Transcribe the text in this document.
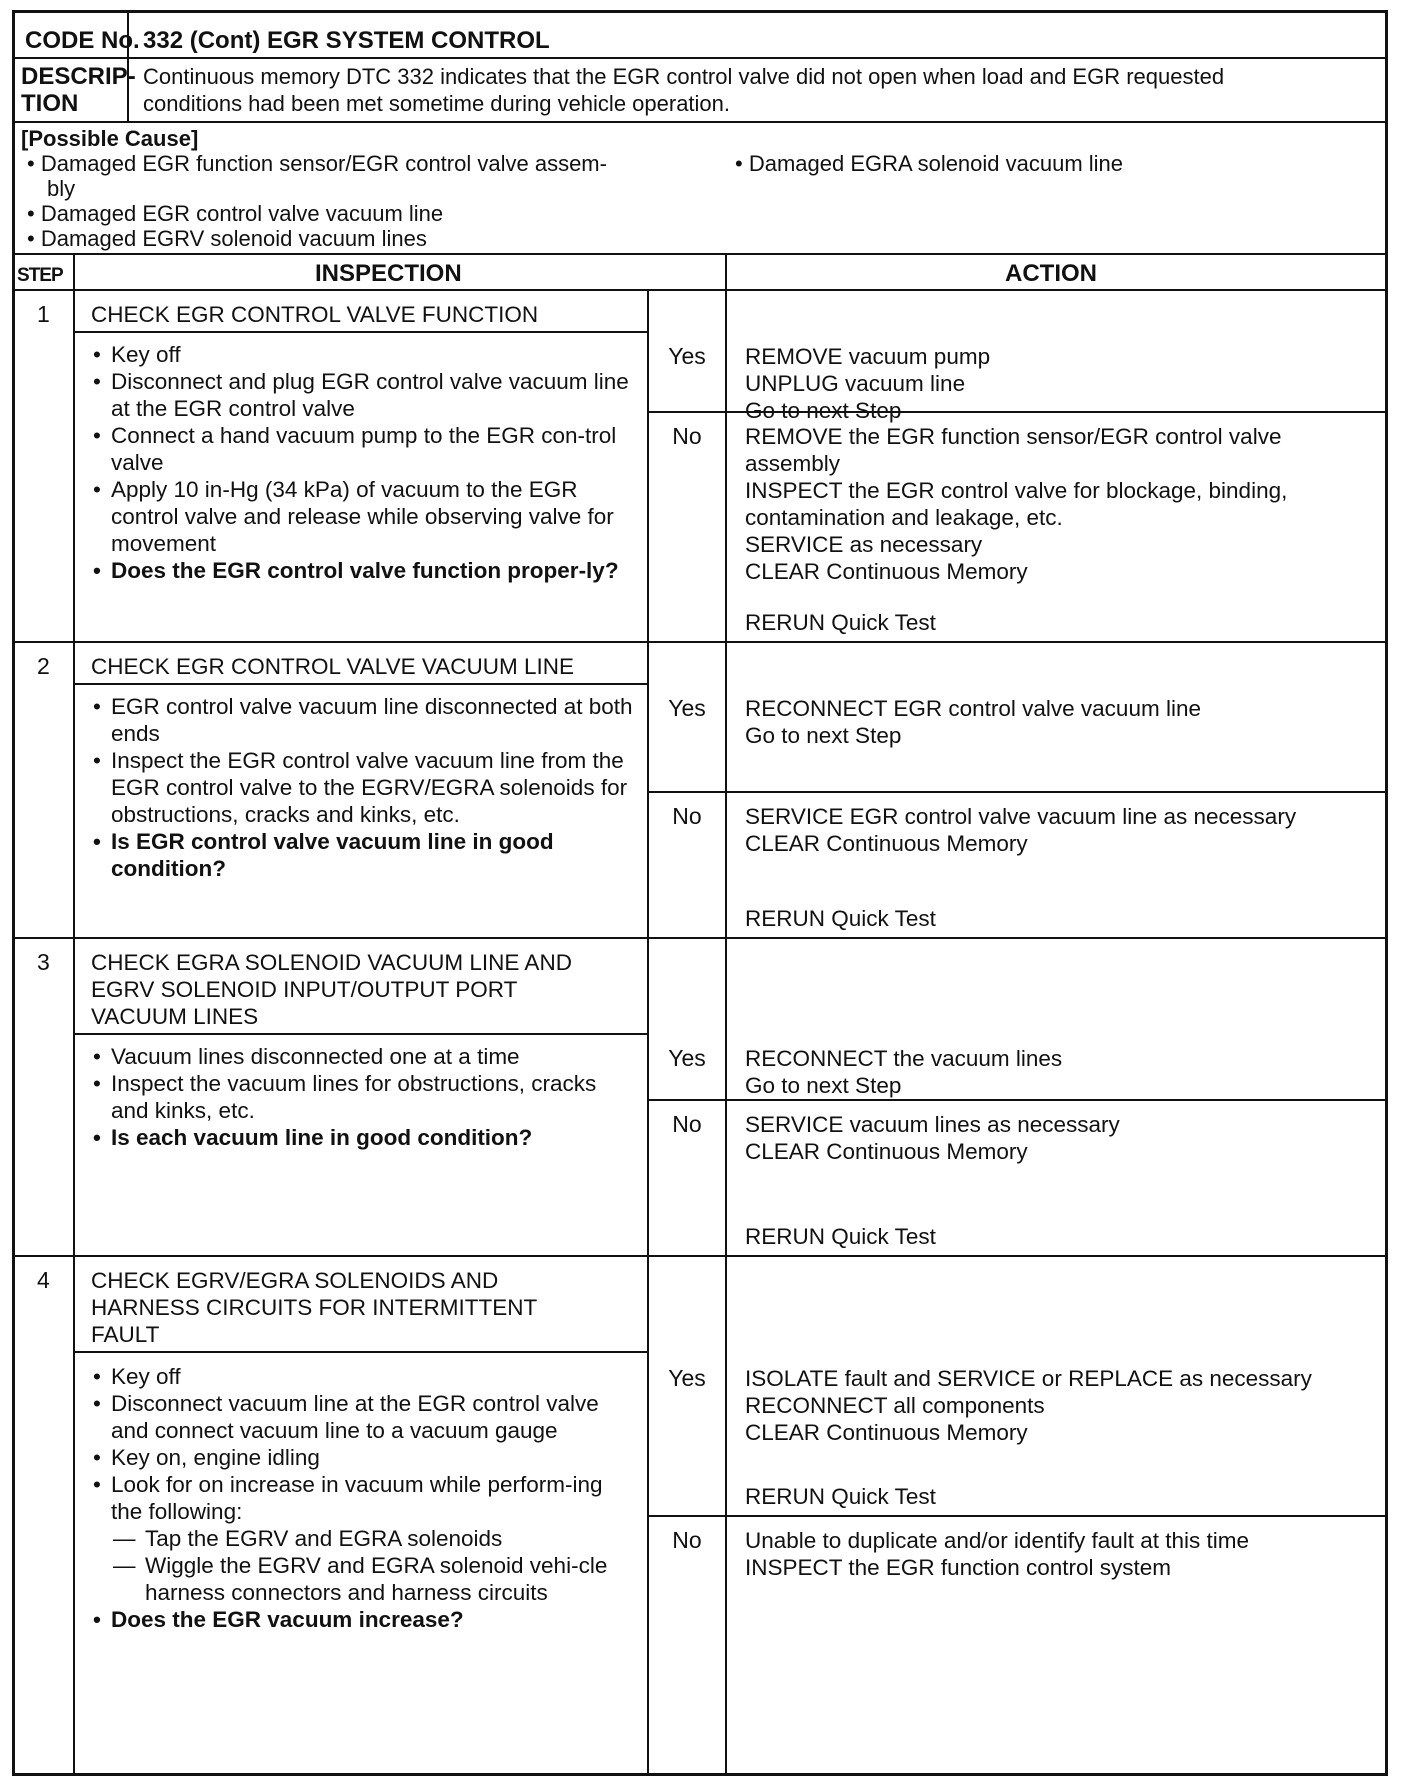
CODE No. 332 (Cont) EGR SYSTEM CONTROL
DESCRIP-
TION
Continuous memory DTC 332 indicates that the EGR control valve did not open when load and EGR requested
conditions had been met sometime during vehicle operation.
[Possible Cause]
• Damaged EGR function sensor/EGR control valve assem-
bly
• Damaged EGR control valve vacuum line
• Damaged EGRV solenoid vacuum lines
• Damaged EGRA solenoid vacuum line
STEP	INSPECTION	ACTION
1 CHECK EGR CONTROL VALVE FUNCTION
• Key off
• Disconnect and plug EGR control valve vacuum line at the EGR control valve
• Connect a hand vacuum pump to the EGR con-trol valve
• Apply 10 in-Hg (34 kPa) of vacuum to the EGR control valve and release while observing valve for movement
• Does the EGR control valve function proper-ly?
Yes	REMOVE vacuum pump
UNPLUG vacuum line
Go to next Step
No	REMOVE the EGR function sensor/EGR control valve assembly
INSPECT the EGR control valve for blockage, binding, contamination and leakage, etc.
SERVICE as necessary
CLEAR Continuous Memory
RERUN Quick Test
2 CHECK EGR CONTROL VALVE VACUUM LINE
• EGR control valve vacuum line disconnected at both ends
• Inspect the EGR control valve vacuum line from the EGR control valve to the EGRV/EGRA solenoids for obstructions, cracks and kinks, etc.
• Is EGR control valve vacuum line in good condition?
Yes	RECONNECT EGR control valve vacuum line
Go to next Step
No	SERVICE EGR control valve vacuum line as necessary
CLEAR Continuous Memory
RERUN Quick Test
3 CHECK EGRA SOLENOID VACUUM LINE AND
EGRV SOLENOID INPUT/OUTPUT PORT
VACUUM LINES
• Vacuum lines disconnected one at a time
• Inspect the vacuum lines for obstructions, cracks and kinks, etc.
• Is each vacuum line in good condition?
Yes	RECONNECT the vacuum lines
Go to next Step
No	SERVICE vacuum lines as necessary
CLEAR Continuous Memory
RERUN Quick Test
4 CHECK EGRV/EGRA SOLENOIDS AND
HARNESS CIRCUITS FOR INTERMITTENT
FAULT
• Key off
• Disconnect vacuum line at the EGR control valve and connect vacuum line to a vacuum gauge
• Key on, engine idling
• Look for on increase in vacuum while perform-ing the following:
— Tap the EGRV and EGRA solenoids
— Wiggle the EGRV and EGRA solenoid vehi-cle harness connectors and harness circuits
• Does the EGR vacuum increase?
Yes	ISOLATE fault and SERVICE or REPLACE as necessary
RECONNECT all components
CLEAR Continuous Memory
RERUN Quick Test
No	Unable to duplicate and/or identify fault at this time
INSPECT the EGR function control system
